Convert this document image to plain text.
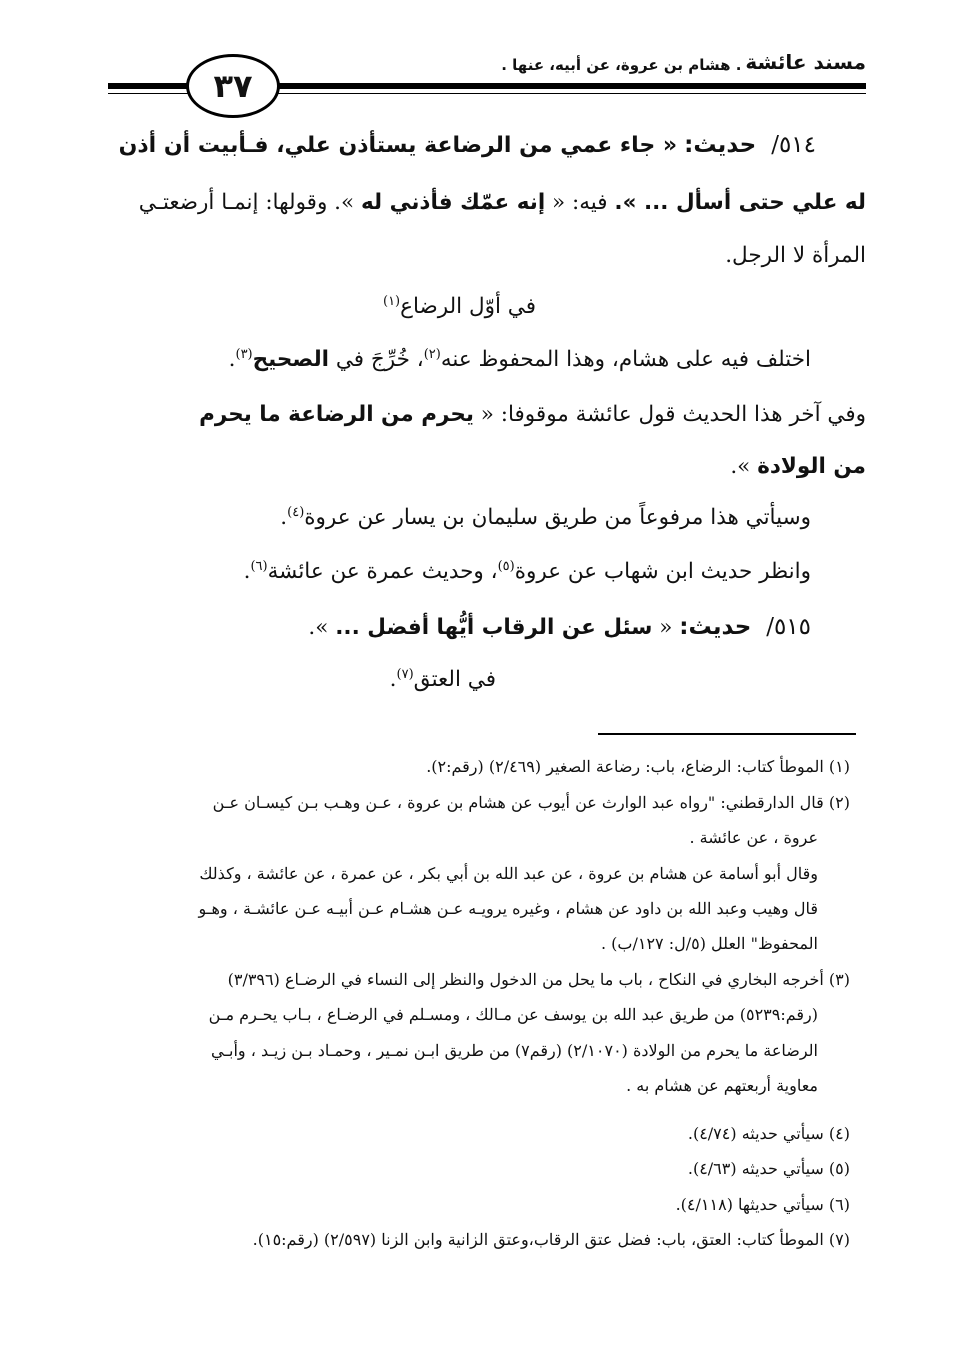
مسند عائشة
. هشام بن عروة، عن أبيه، عنها .
٣٧
٥١٤/ حديث: « جاء عمي من الرضاعة يستأذن علي، فـأبيت أن أذن
له علي حتى أسأل ... ». فيه: « إنه عمّك فأذني له ». وقولها: إنمـا أرضعتـي
المرأة لا الرجل.
في أوّل الرضاع$^{(١)}$
اختلف فيه على هشام، وهذا المحفوظ عنه$^{(٢)}$، خُرِّجَ في الصحيح$^{(٣)}$.
وفي آخر هذا الحديث قول عائشة موقوفا: « يحرم من الرضاعة ما يحرم
من الولادة ».
وسيأتي هذا مرفوعاً من طريق سليمان بن يسار عن عروة$^{(٤)}$.
وانظر حديث ابن شهاب عن عروة$^{(٥)}$، وحديث عمرة عن عائشة$^{(٦)}$.
٥١٥/ حديث: « سئل عن الرقاب أيُّها أفضل ... ».
في العتق$^{(٧)}$.
(١) الموطأ كتاب: الرضاع، باب: رضاعة الصغير (٢/٤٦٩) (رقم:٢).
(٢) قال الدارقطني: "رواه عبد الوارث عن أيوب عن هشام بن عروة ، عـن وهـب بـن كيسـان عـن
عروة ، عن عائشة .
وقال أبو أسامة عن هشام بن عروة ، عن عبد الله بن أبي بكر ، عن عمرة ، عن عائشة ، وكذلك
قال وهيب وعبد الله بن داود عن هشام ، وغيره يرويـه عـن هشـام عـن أبيـه عـن عائشـة ، وهـو
المحفوظ" العلل (٥/ل: ١٢٧/ب) .
(٣) أخرجه البخاري في النكاح ، باب ما يحل من الدخول والنظر إلى النساء في الرضـاع (٣/٣٩٦)
(رقم:٥٢٣٩) من طريق عبد الله بن يوسف عن مـالك ، ومسـلم في الرضـاع ، بـاب يحـرم مـن
الرضاعة ما يحرم من الولادة (٢/١٠٧٠) (رقم٧) من طريق ابـن نمـير ، وحمـاد بـن زيـد ، وأبـي
معاوية أربعتهم عن هشام به .
(٤) سيأتي حديثه (٤/٧٤).
(٥) سيأتي حديثه (٤/٦٣).
(٦) سيأتي حديثها (٤/١١٨).
(٧) الموطأ كتاب: العتق، باب: فضل عتق الرقاب،وعتق الزانية وابن الزنا (٢/٥٩٧) (رقم:١٥).
